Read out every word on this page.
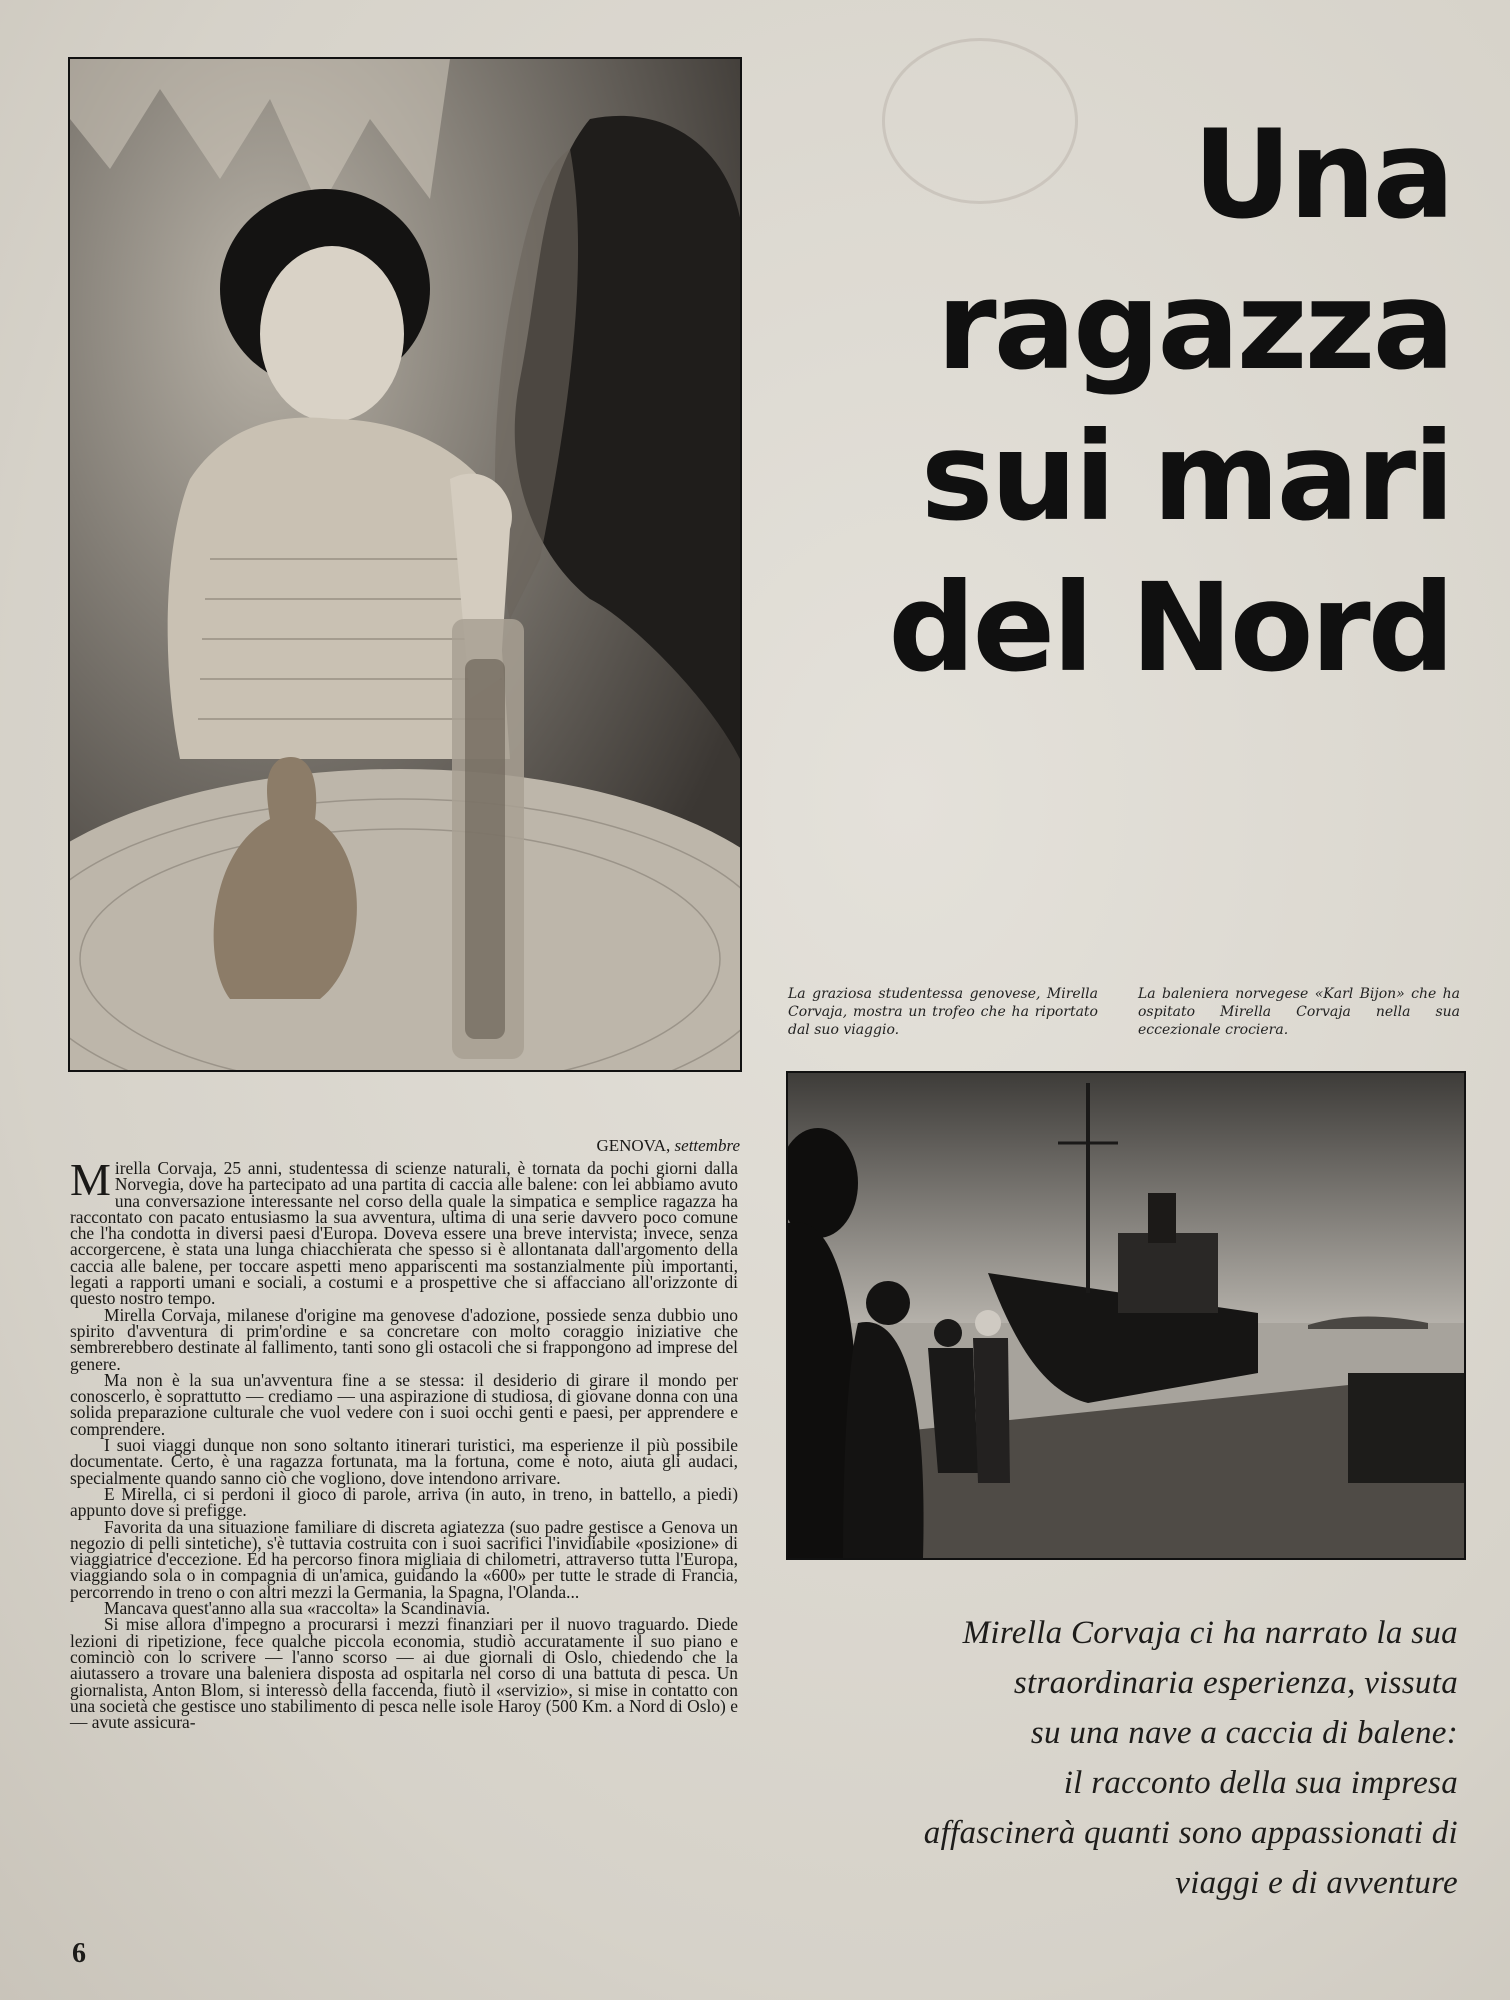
Una
ragazza
sui mari
del Nord
La graziosa studentessa genovese, Mirella Corvaja, mostra un trofeo che ha riportato dal suo viaggio.
La baleniera norvegese «Karl Bijon» che ha ospitato Mirella Corvaja nella sua eccezionale crociera.
GENOVA, settembre

Mirella Corvaja, 25 anni, studentessa di scienze naturali, è tornata da pochi giorni dalla Norvegia, dove ha partecipato ad una partita di caccia alle balene: con lei abbiamo avuto una conversazione interessante nel corso della quale la simpatica e semplice ragazza ha raccontato con pacato entusiasmo la sua avventura, ultima di una serie davvero poco comune che l'ha condotta in diversi paesi d'Europa. Doveva essere una breve intervista; invece, senza accorgercene, è stata una lunga chiacchierata che spesso si è allontanata dall'argomento della caccia alle balene, per toccare aspetti meno appariscenti ma sostanzialmente più importanti, legati a rapporti umani e sociali, a costumi e a prospettive che si affacciano all'orizzonte di questo nostro tempo.

Mirella Corvaja, milanese d'origine ma genovese d'adozione, possiede senza dubbio uno spirito d'avventura di prim'ordine e sa concretare con molto coraggio iniziative che sembrerebbero destinate al fallimento, tanti sono gli ostacoli che si frappongono ad imprese del genere.

Ma non è la sua un'avventura fine a se stessa: il desiderio di girare il mondo per conoscerlo, è soprattutto — crediamo — una aspirazione di studiosa, di giovane donna con una solida preparazione culturale che vuol vedere con i suoi occhi genti e paesi, per apprendere e comprendere.

I suoi viaggi dunque non sono soltanto itinerari turistici, ma esperienze il più possibile documentate. Certo, è una ragazza fortunata, ma la fortuna, come è noto, aiuta gli audaci, specialmente quando sanno ciò che vogliono, dove intendono arrivare.

E Mirella, ci si perdoni il gioco di parole, arriva (in auto, in treno, in battello, a piedi) appunto dove si prefigge.

Favorita da una situazione familiare di discreta agiatezza (suo padre gestisce a Genova un negozio di pelli sintetiche), s'è tuttavia costruita con i suoi sacrifici l'invidiabile «posizione» di viaggiatrice d'eccezione. Ed ha percorso finora migliaia di chilometri, attraverso tutta l'Europa, viaggiando sola o in compagnia di un'amica, guidando la «600» per tutte le strade di Francia, percorrendo in treno o con altri mezzi la Germania, la Spagna, l'Olanda...

Mancava quest'anno alla sua «raccolta» la Scandinavia.

Si mise allora d'impegno a procurarsi i mezzi finanziari per il nuovo traguardo. Diede lezioni di ripetizione, fece qualche piccola economia, studiò accuratamente il suo piano e cominciò con lo scrivere — l'anno scorso — ai due giornali di Oslo, chiedendo che la aiutassero a trovare una baleniera disposta ad ospitarla nel corso di una battuta di pesca. Un giornalista, Anton Blom, si interessò della faccenda, fiutò il «servizio», si mise in contatto con una società che gestisce uno stabilimento di pesca nelle isole Haroy (500 Km. a Nord di Oslo) e — avute assicura-

Mirella Corvaja ci ha narrato la sua
straordinaria esperienza, vissuta
su una nave a caccia di balene:
il racconto della sua impresa
affascinerà quanti sono appassionati di
viaggi e di avventure
6
